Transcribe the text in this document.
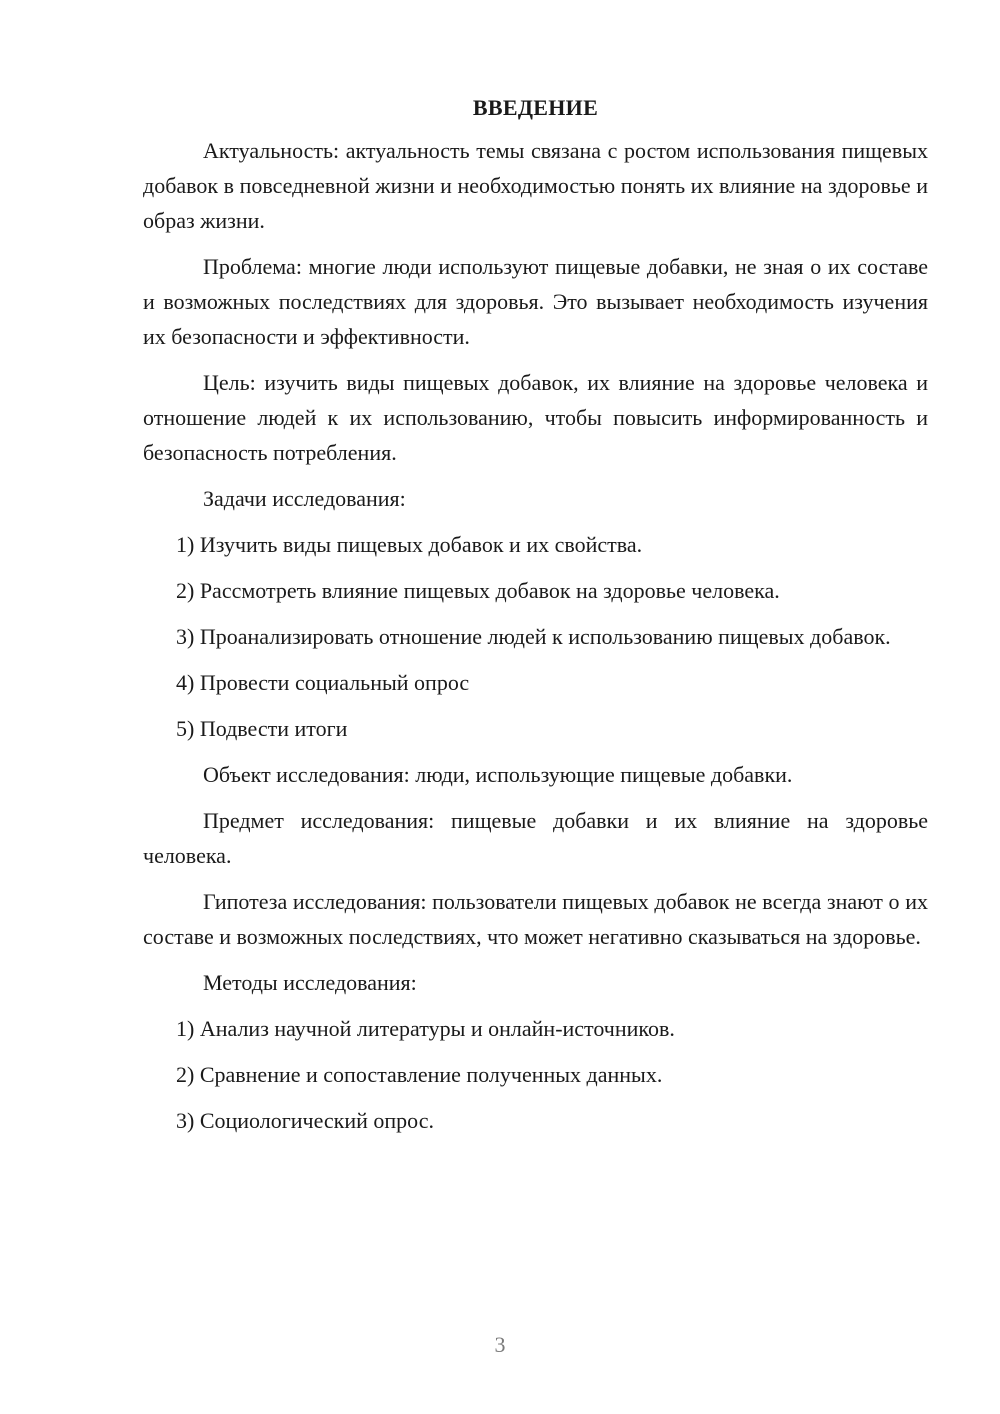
ВВЕДЕНИЕ

Актуальность: актуальность темы связана с ростом использования пищевых добавок в повседневной жизни и необходимостью понять их влияние на здоровье и образ жизни.

Проблема: многие люди используют пищевые добавки, не зная о их составе и возможных последствиях для здоровья. Это вызывает необходимость изучения их безопасности и эффективности.

Цель: изучить виды пищевых добавок, их влияние на здоровье человека и отношение людей к их использованию, чтобы повысить информированность и безопасность потребления.

Задачи исследования:

1) Изучить виды пищевых добавок и их свойства.

2) Рассмотреть влияние пищевых добавок на здоровье человека.

3) Проанализировать отношение людей к использованию пищевых добавок.

4) Провести социальный опрос

5) Подвести итоги

Объект исследования: люди, использующие пищевые добавки.

Предмет исследования: пищевые добавки и их влияние на здоровье человека.

Гипотеза исследования: пользователи пищевых добавок не всегда знают о их составе и возможных последствиях, что может негативно сказываться на здоровье.

Методы исследования:

1) Анализ научной литературы и онлайн-источников.

2) Сравнение и сопоставление полученных данных.

3) Социологический опрос.

3
